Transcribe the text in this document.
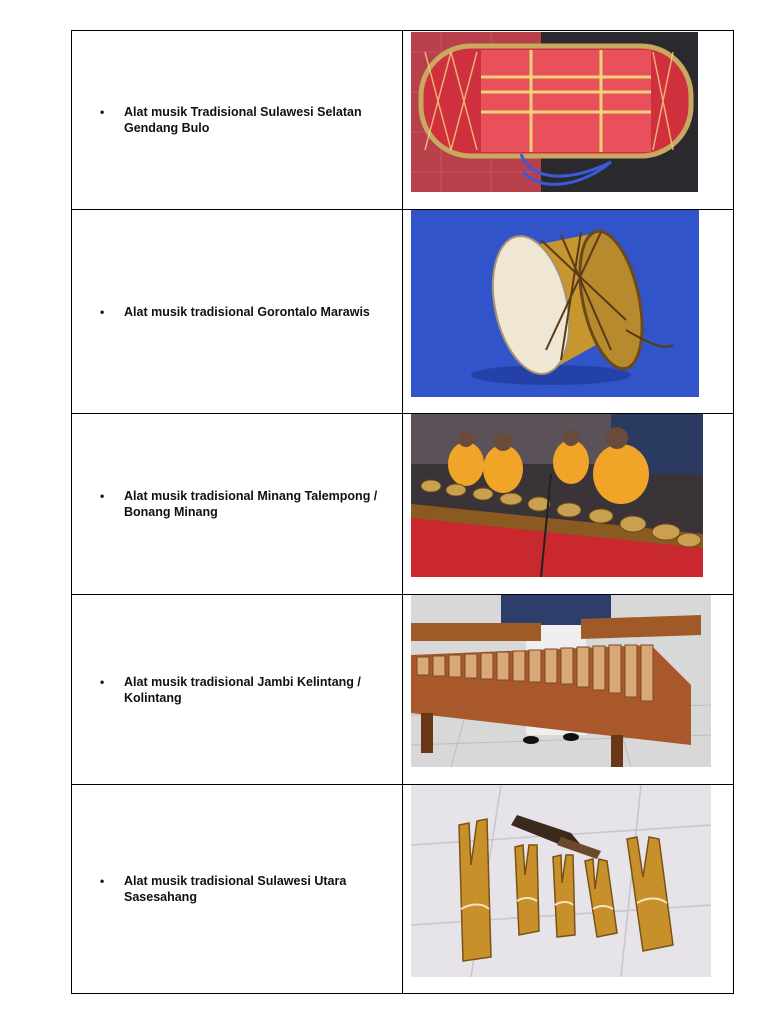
• Alat musik Tradisional Sulawesi Selatan Gendang Bulo

• Alat musik tradisional Gorontalo Marawis

• Alat musik tradisional Minang Talempong / Bonang Minang

• Alat musik tradisional Jambi Kelintang / Kolintang

• Alat musik tradisional Sulawesi Utara Sasesahang
